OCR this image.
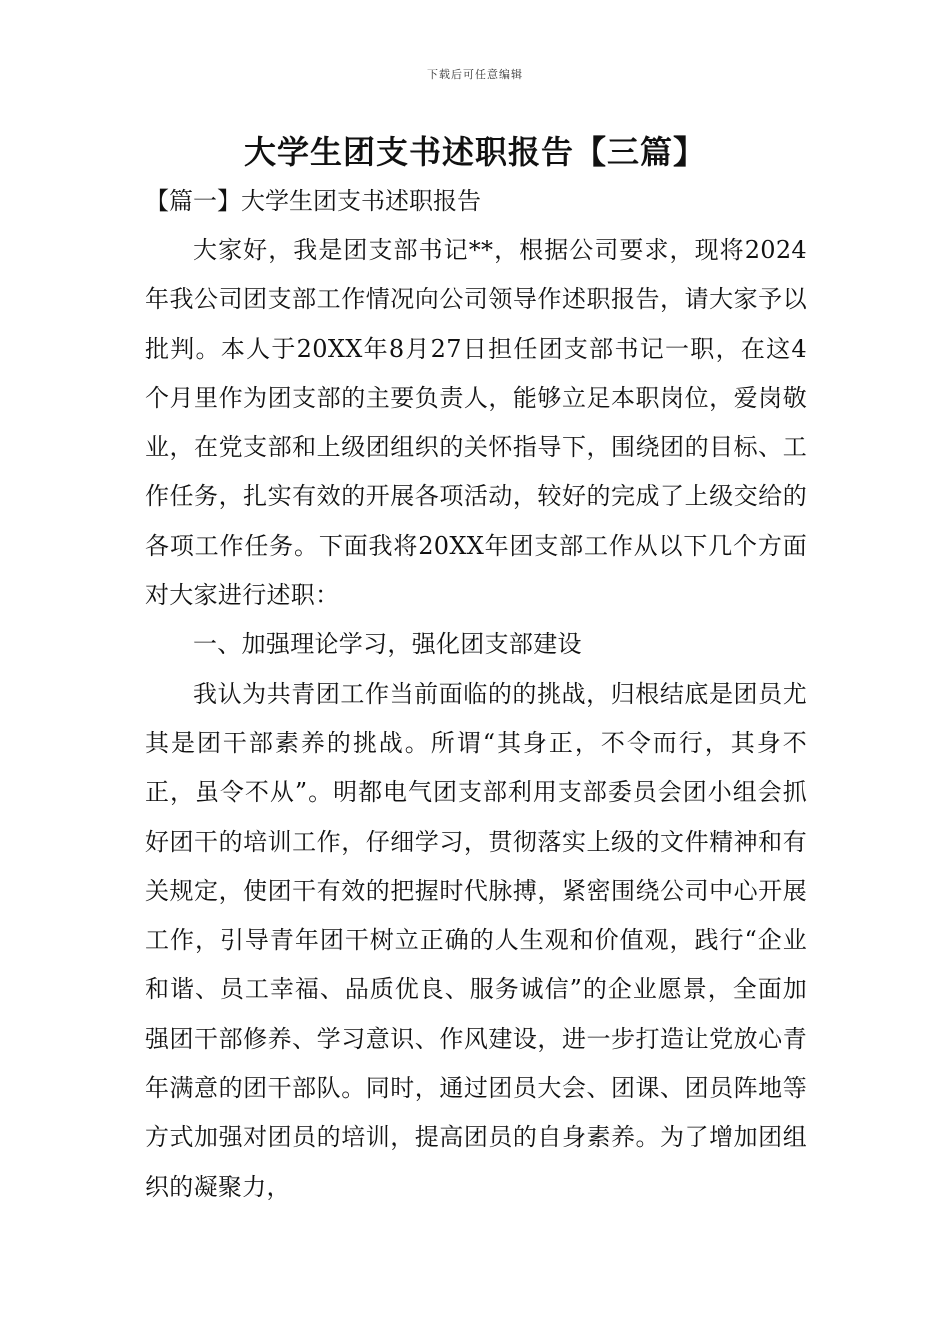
下载后可任意编辑
大学生团支书述职报告【三篇】
【篇一】大学生团支书述职报告

大家好，我是团支部书记**，根据公司要求，现将2024年我公司团支部工作情况向公司领导作述职报告，请大家予以批判。本人于20XX年8月27日担任团支部书记一职，在这4个月里作为团支部的主要负责人，能够立足本职岗位，爱岗敬业，在党支部和上级团组织的关怀指导下，围绕团的目标、工作任务，扎实有效的开展各项活动，较好的完成了上级交给的各项工作任务。下面我将20XX年团支部工作从以下几个方面对大家进行述职：

一、加强理论学习，强化团支部建设

我认为共青团工作当前面临的的挑战，归根结底是团员尤其是团干部素养的挑战。所谓“其身正，不令而行，其身不正，虽令不从”。明都电气团支部利用支部委员会团小组会抓好团干的培训工作，仔细学习，贯彻落实上级的文件精神和有关规定，使团干有效的把握时代脉搏，紧密围绕公司中心开展工作，引导青年团干树立正确的人生观和价值观，践行“企业和谐、员工幸福、品质优良、服务诚信”的企业愿景，全面加强团干部修养、学习意识、作风建设，进一步打造让党放心青年满意的团干部队。同时，通过团员大会、团课、团员阵地等方式加强对团员的培训，提高团员的自身素养。为了增加团组织的凝聚力，
